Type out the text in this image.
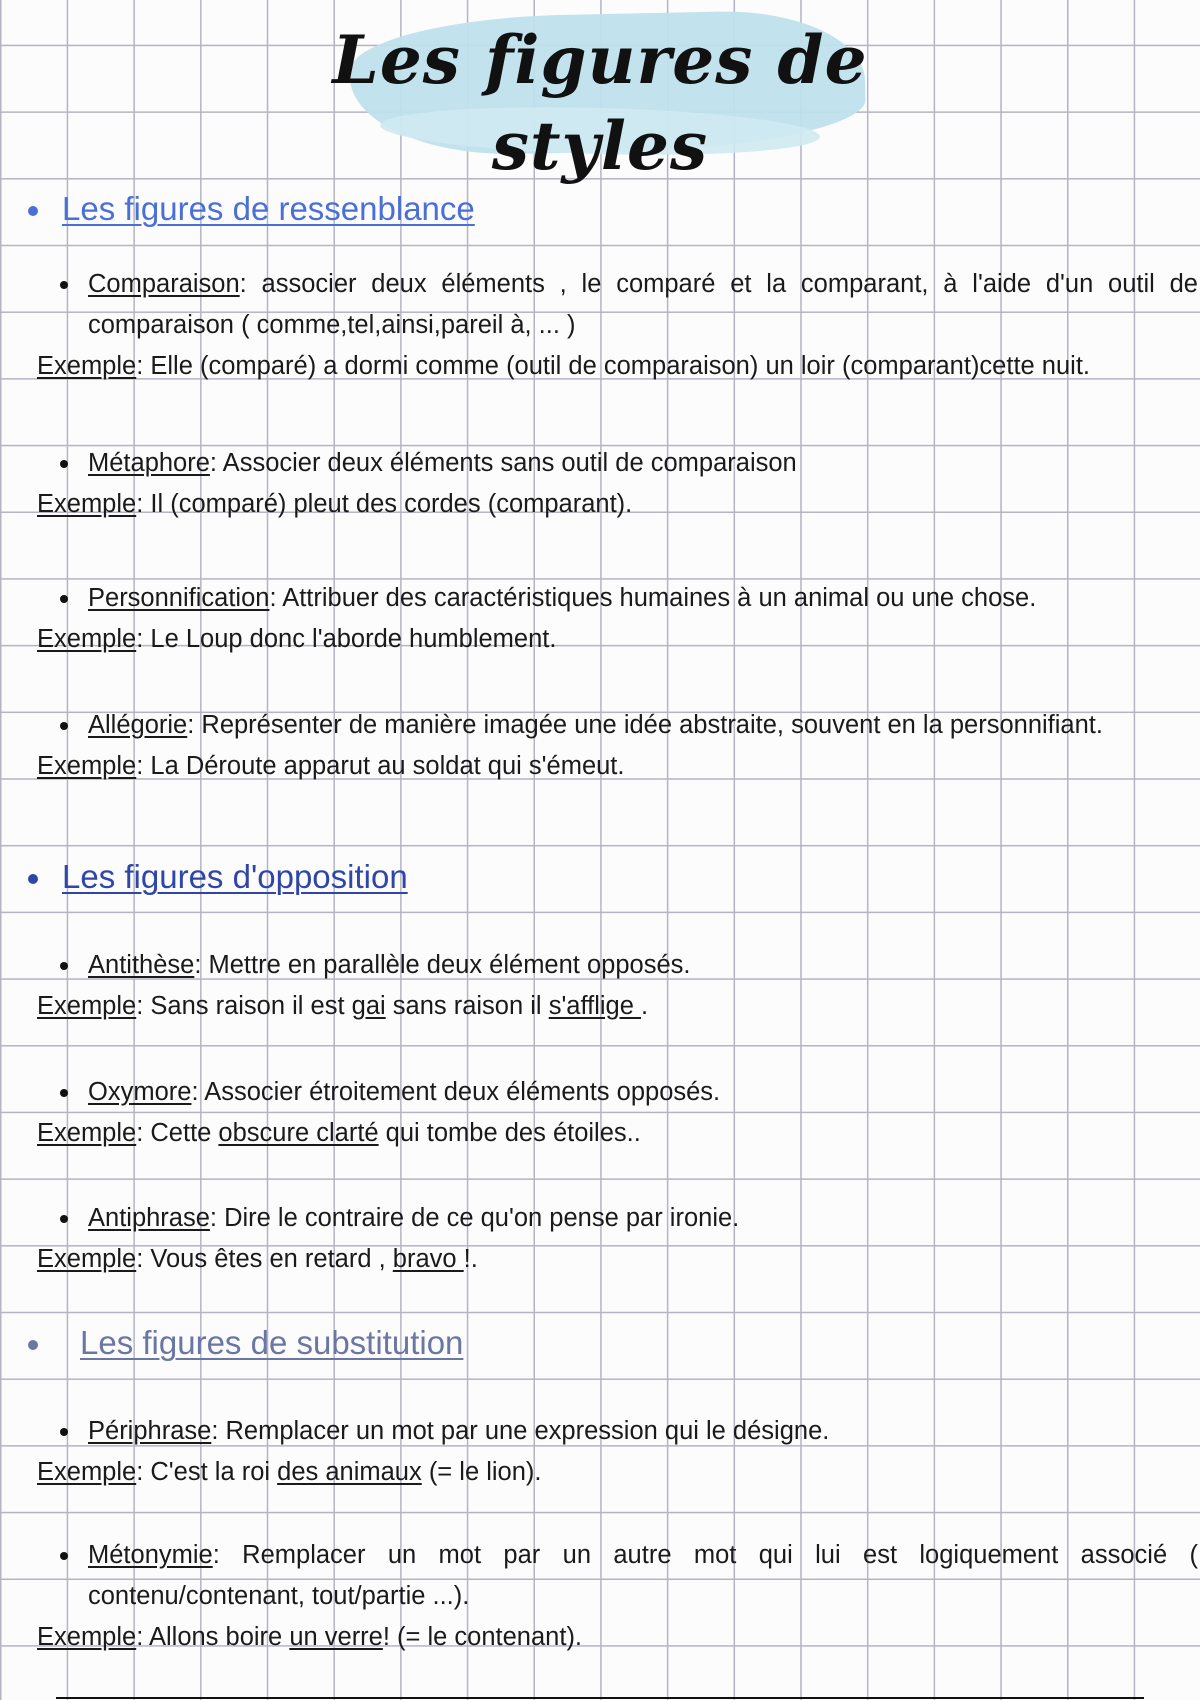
Les figures de styles
Les figures de ressenblance
Comparaison: associer deux éléments , le comparé et la comparant, à l'aide d'un outil de comparaison ( comme,tel,ainsi,pareil à, ... )
Exemple: Elle (comparé) a dormi comme (outil de comparaison) un loir (comparant)cette nuit.
Métaphore: Associer deux éléments sans outil de comparaison
Exemple: Il (comparé) pleut des cordes (comparant).
Personnification: Attribuer des caractéristiques humaines à un animal ou une chose.
Exemple: Le Loup donc l'aborde humblement.
Allégorie: Représenter de manière imagée une idée abstraite, souvent en la personnifiant.
Exemple: La Déroute apparut au soldat qui s'émeut.
Les figures d'opposition
Antithèse: Mettre en parallèle deux élément opposés.
Exemple: Sans raison il est gai sans raison il s'afflige .
Oxymore: Associer étroitement deux éléments opposés.
Exemple: Cette obscure clarté qui tombe des étoiles..
Antiphrase: Dire le contraire de ce qu'on pense par ironie.
Exemple: Vous êtes en retard , bravo !.
Les figures de substitution
Périphrase: Remplacer un mot par une expression qui le désigne.
Exemple: C'est la roi des animaux (= le lion).
Métonymie: Remplacer un mot par un autre mot qui lui est logiquement associé ( contenu/contenant, tout/partie ...).
Exemple: Allons boire un verre! (= le contenant).
